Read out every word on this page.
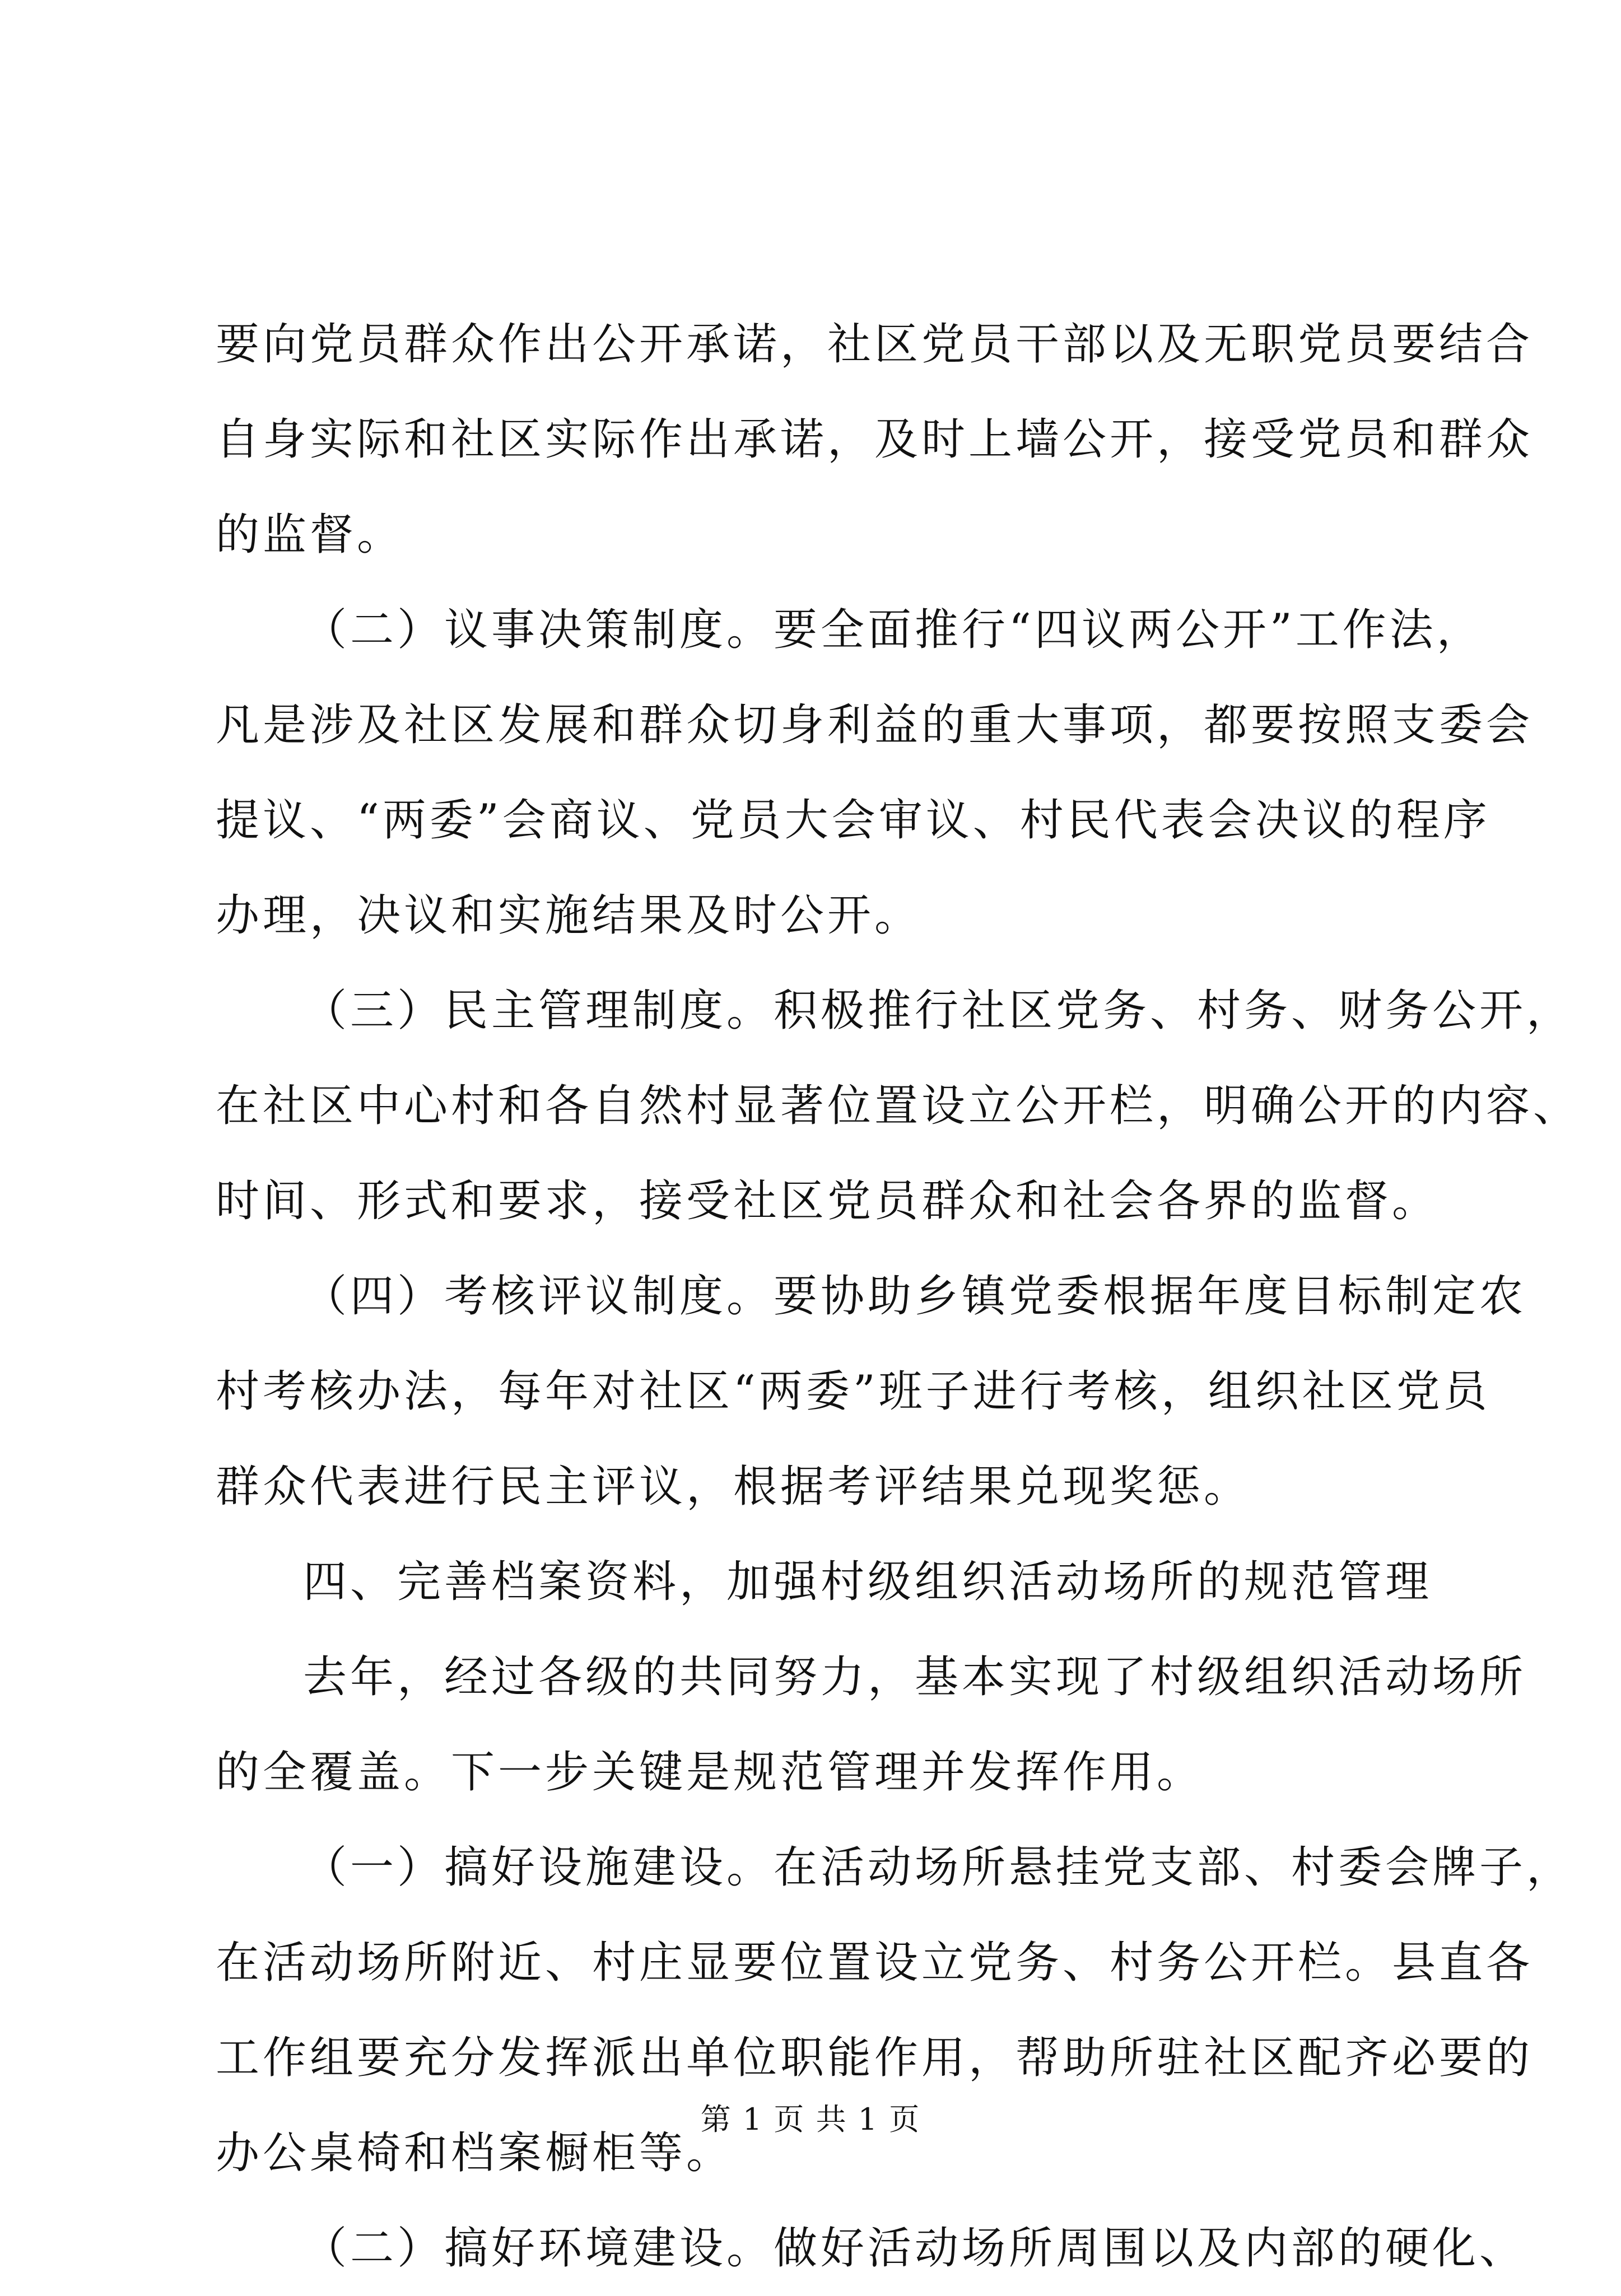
要向党员群众作出公开承诺，社区党员干部以及无职党员要结合
自身实际和社区实际作出承诺，及时上墙公开，接受党员和群众
的监督。
（二）议事决策制度。要全面推行“四议两公开”工作法，
凡是涉及社区发展和群众切身利益的重大事项，都要按照支委会
提议、“两委”会商议、党员大会审议、村民代表会决议的程序
办理，决议和实施结果及时公开。
（三）民主管理制度。积极推行社区党务、村务、财务公开，
在社区中心村和各自然村显著位置设立公开栏，明确公开的内容、
时间、形式和要求，接受社区党员群众和社会各界的监督。
（四）考核评议制度。要协助乡镇党委根据年度目标制定农
村考核办法，每年对社区“两委”班子进行考核，组织社区党员
群众代表进行民主评议，根据考评结果兑现奖惩。
四、完善档案资料，加强村级组织活动场所的规范管理
去年，经过各级的共同努力，基本实现了村级组织活动场所
的全覆盖。下一步关键是规范管理并发挥作用。
（一）搞好设施建设。在活动场所悬挂党支部、村委会牌子，
在活动场所附近、村庄显要位置设立党务、村务公开栏。县直各
工作组要充分发挥派出单位职能作用，帮助所驻社区配齐必要的
办公桌椅和档案橱柜等。
（二）搞好环境建设。做好活动场所周围以及内部的硬化、
第 1 页 共 1 页
